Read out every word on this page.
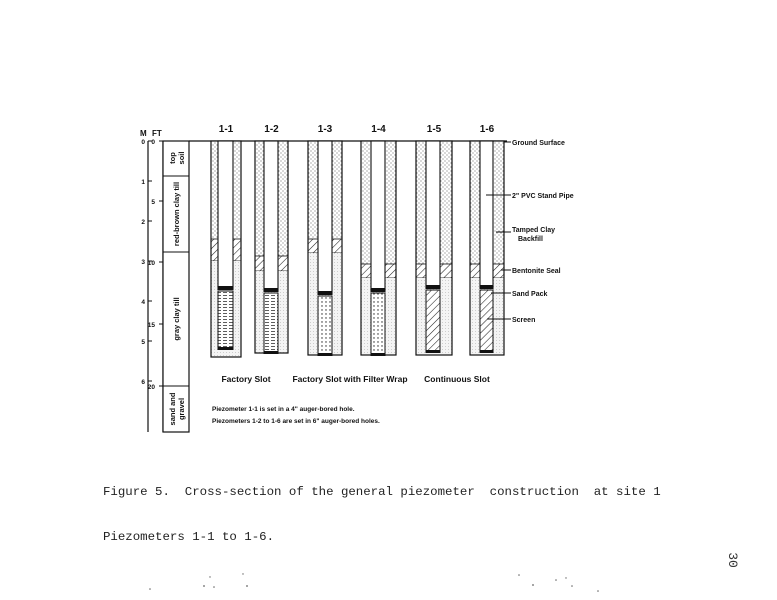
M FT
0
1
2
3
4
5
6
0
5
10
15
20
topsoil
red-brown clay till
gray clay till
sand andgravel
1-1	1-2	1-3	1-4	1-5	1-6
Factory Slot	Factory Slot with Filter Wrap Continuous Slot
Ground Surface
2" PVC Stand Pipe
Tamped Clay
Backfill
Bentonite Seal
Sand Pack
Screen
Piezometer 1-1 is set in a 4" auger-bored hole.
Piezometers 1-2 to 1-6 are set in 6" auger-bored holes.

Figure 5.  Cross-section of the general piezometer  construction  at site 1

Piezometers 1-1 to 1-6.

30
